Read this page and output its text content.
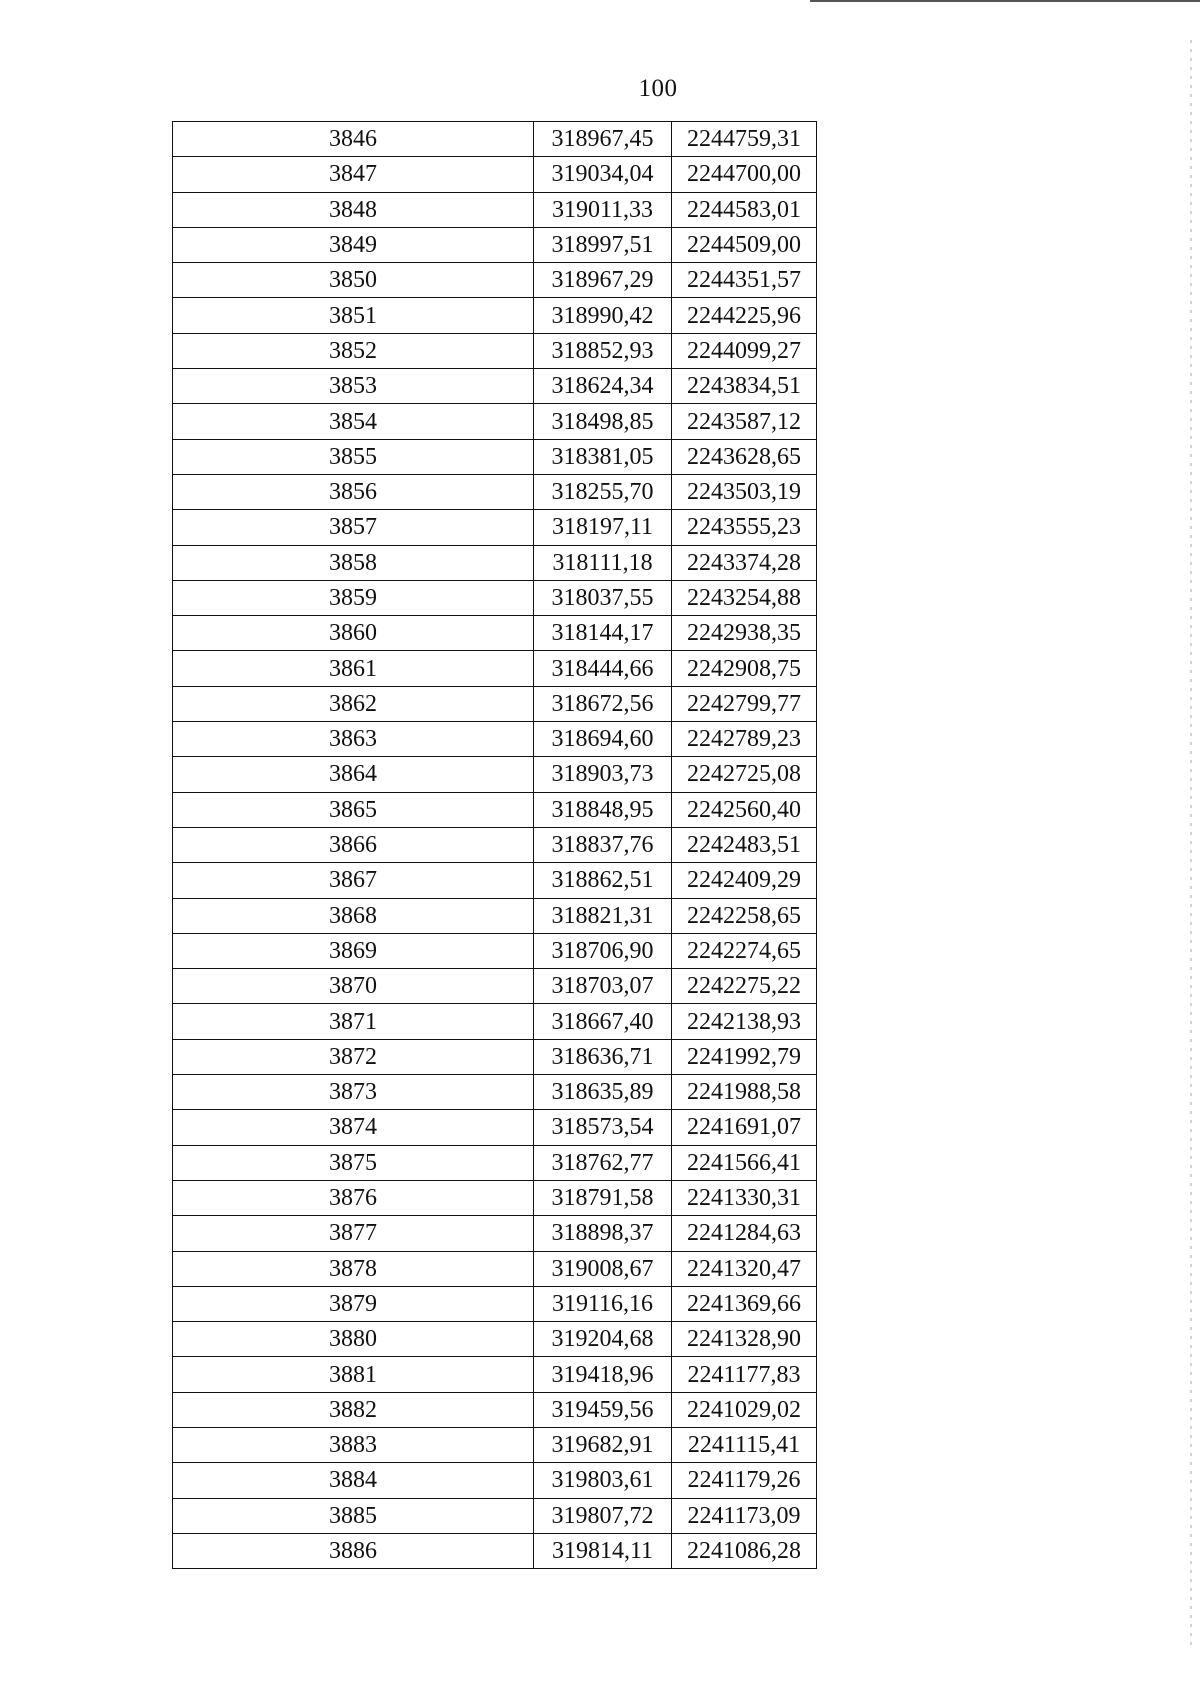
100
3846	318967,45	2244759,31
3847	319034,04	2244700,00
3848	319011,33	2244583,01
3849	318997,51	2244509,00
3850	318967,29	2244351,57
3851	318990,42	2244225,96
3852	318852,93	2244099,27
3853	318624,34	2243834,51
3854	318498,85	2243587,12
3855	318381,05	2243628,65
3856	318255,70	2243503,19
3857	318197,11	2243555,23
3858	318111,18	2243374,28
3859	318037,55	2243254,88
3860	318144,17	2242938,35
3861	318444,66	2242908,75
3862	318672,56	2242799,77
3863	318694,60	2242789,23
3864	318903,73	2242725,08
3865	318848,95	2242560,40
3866	318837,76	2242483,51
3867	318862,51	2242409,29
3868	318821,31	2242258,65
3869	318706,90	2242274,65
3870	318703,07	2242275,22
3871	318667,40	2242138,93
3872	318636,71	2241992,79
3873	318635,89	2241988,58
3874	318573,54	2241691,07
3875	318762,77	2241566,41
3876	318791,58	2241330,31
3877	318898,37	2241284,63
3878	319008,67	2241320,47
3879	319116,16	2241369,66
3880	319204,68	2241328,90
3881	319418,96	2241177,83
3882	319459,56	2241029,02
3883	319682,91	2241115,41
3884	319803,61	2241179,26
3885	319807,72	2241173,09
3886	319814,11	2241086,28
